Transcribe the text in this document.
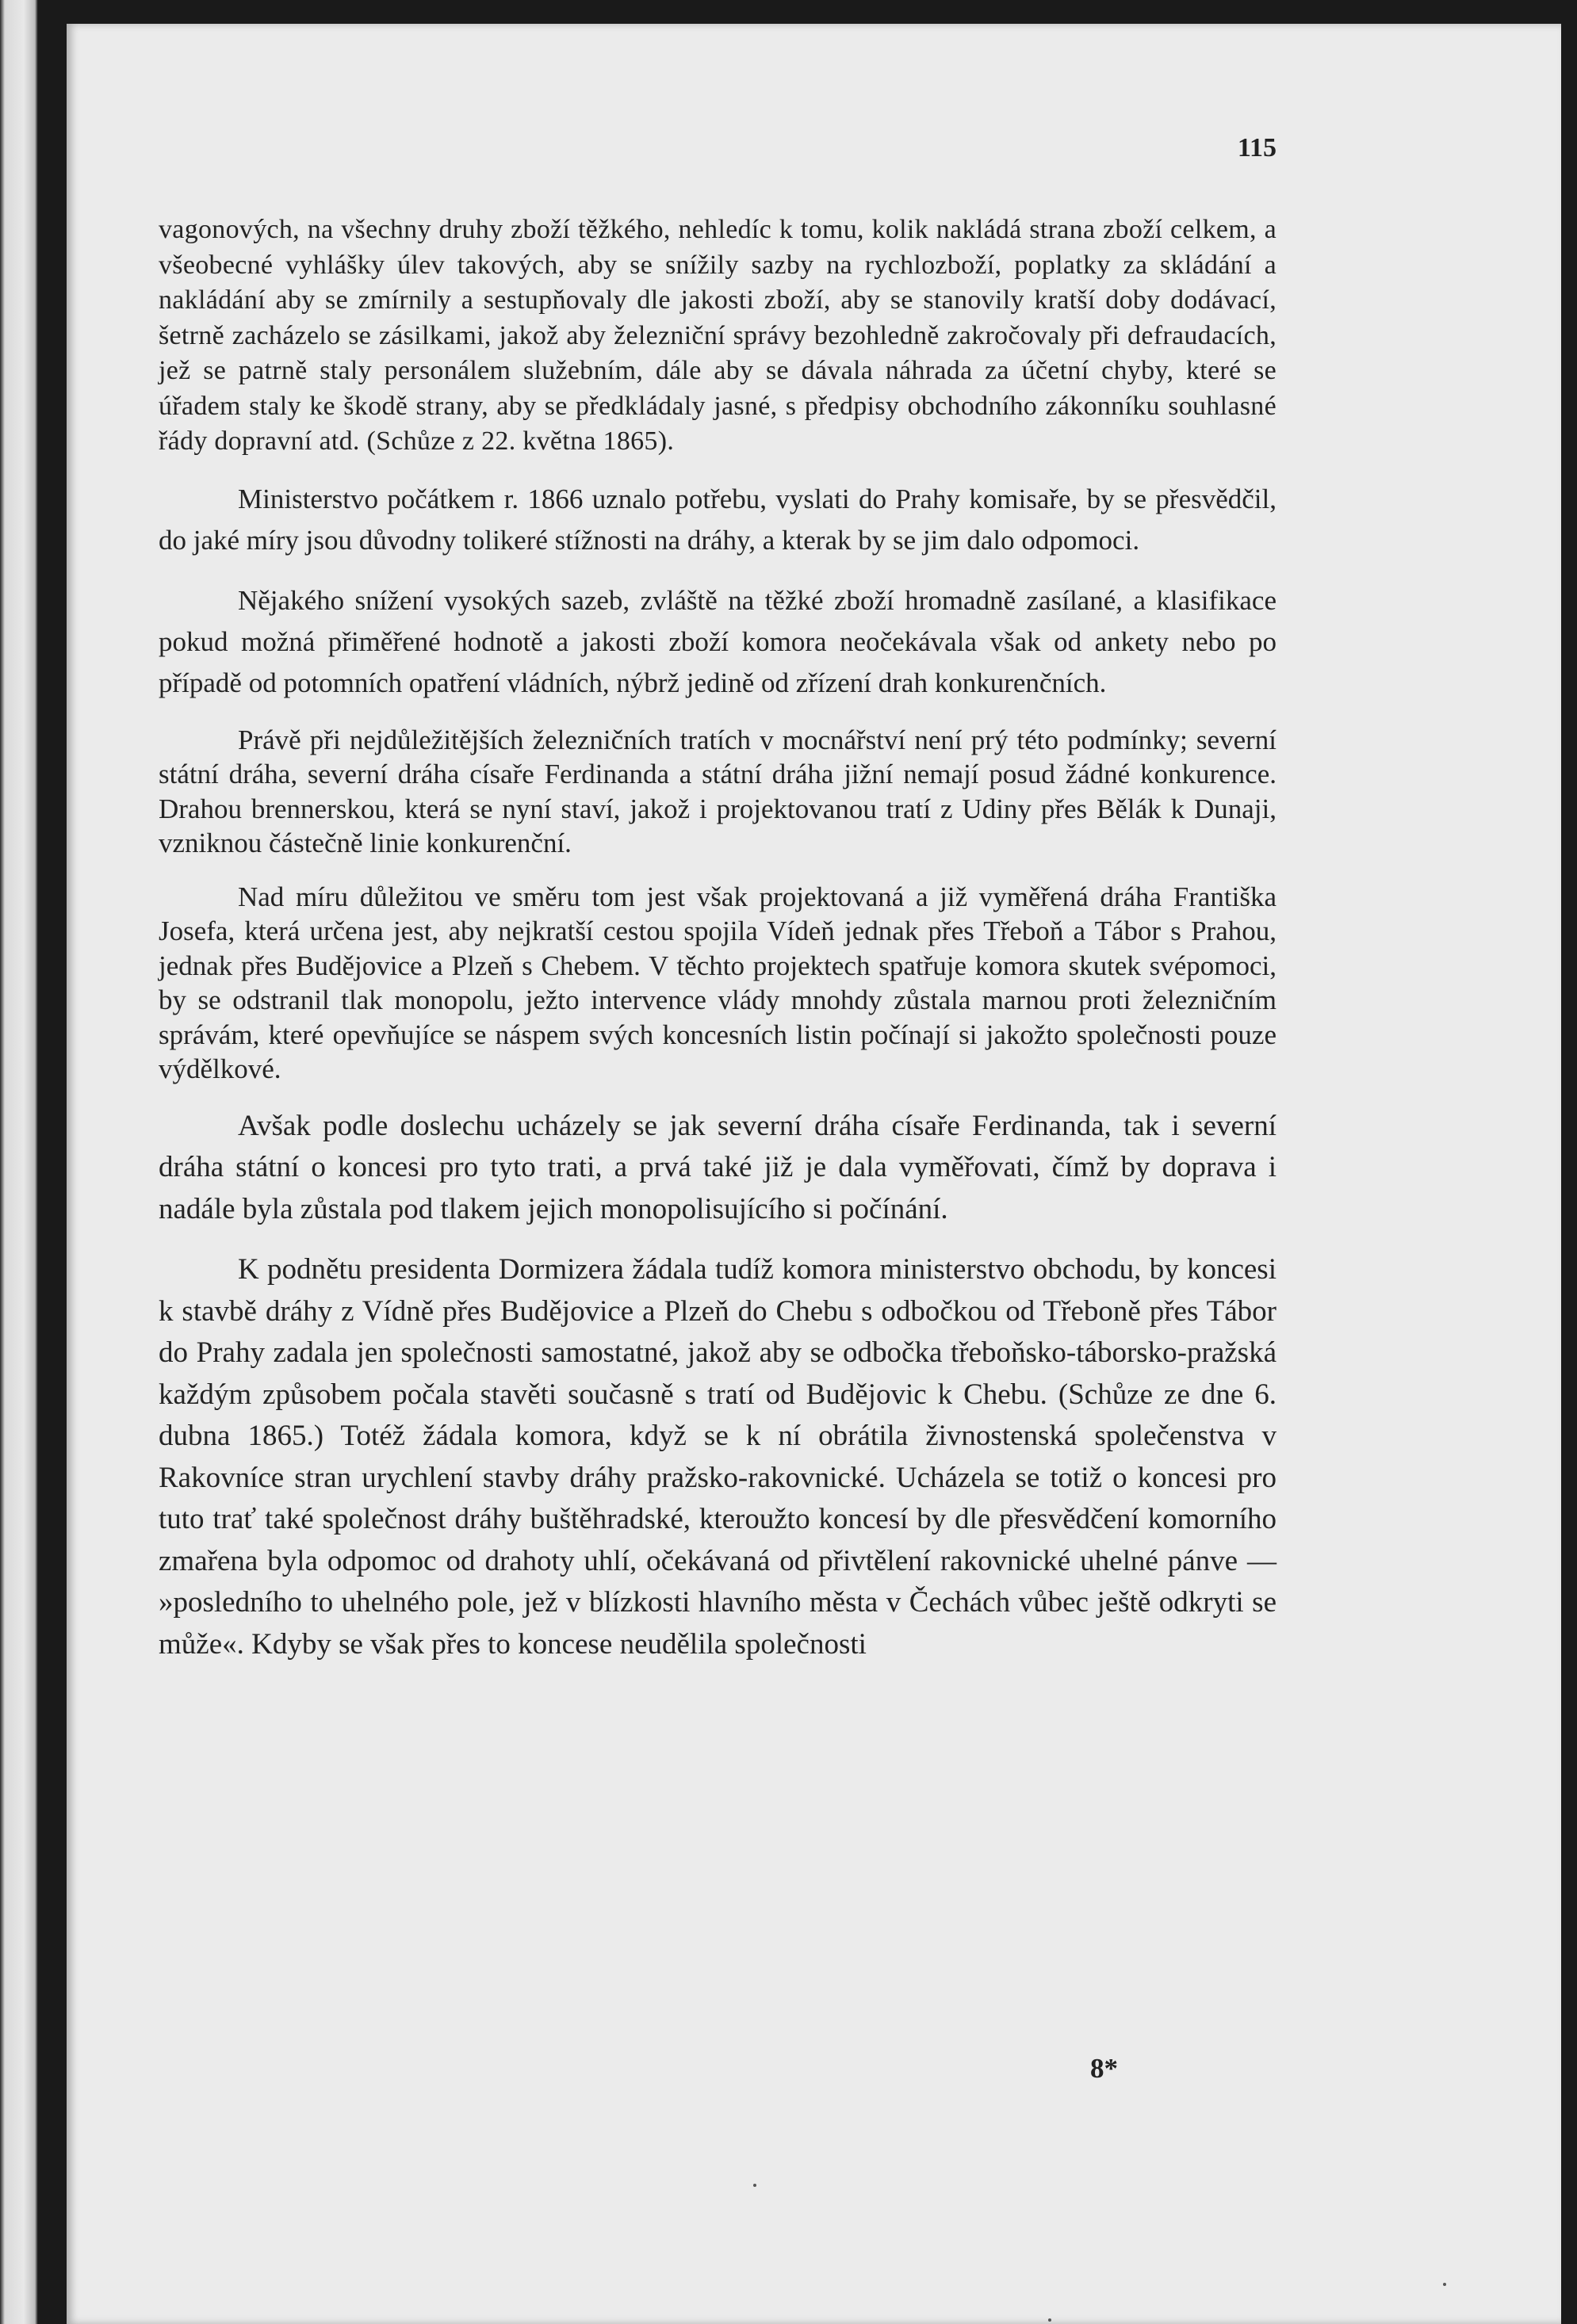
115

vagonových, na všechny druhy zboží těžkého, nehledíc k tomu, kolik nakládá strana zboží celkem, a všeobecné vyhlášky úlev takových, aby se snížily sazby na rychlozboží, poplatky za skládání a nakládání aby se zmírnily a sestupňovaly dle jakosti zboží, aby se stanovily kratší doby dodávací, šetrně zacházelo se zásilkami, jakož aby železniční správy bezohledně zakročovaly při defraudacích, jež se patrně staly personálem služebním, dále aby se dávala náhrada za účetní chyby, které se úřadem staly ke škodě strany, aby se předkládaly jasné, s předpisy obchodního zákonníku souhlasné řády dopravní atd. (Schůze z 22. května 1865).

Ministerstvo počátkem r. 1866 uznalo potřebu, vyslati do Prahy komisaře, by se přesvědčil, do jaké míry jsou důvodny tolikeré stížnosti na dráhy, a kterak by se jim dalo odpomoci.

Nějakého snížení vysokých sazeb, zvláště na těžké zboží hromadně zasílané, a klasifikace pokud možná přiměřené hodnotě a jakosti zboží komora neočekávala však od ankety nebo po případě od potomních opatření vládních, nýbrž jedině od zřízení drah konkurenčních.

Právě při nejdůležitějších železničních tratích v mocnářství není prý této podmínky; severní státní dráha, severní dráha císaře Ferdinanda a státní dráha jižní nemají posud žádné konkurence. Drahou brennerskou, která se nyní staví, jakož i projektovanou tratí z Udiny přes Bělák k Dunaji, vzniknou částečně linie konkurenční.

Nad míru důležitou ve směru tom jest však projektovaná a již vyměřená dráha Františka Josefa, která určena jest, aby nejkratší cestou spojila Vídeň jednak přes Třeboň a Tábor s Prahou, jednak přes Budějovice a Plzeň s Chebem. V těchto projektech spatřuje komora skutek svépomoci, by se odstranil tlak monopolu, ježto intervence vlády mnohdy zůstala marnou proti železničním správám, které opevňujíce se náspem svých koncesních listin počínají si jakožto společnosti pouze výdělkové.

Avšak podle doslechu ucházely se jak severní dráha císaře Ferdinanda, tak i severní dráha státní o koncesi pro tyto trati, a prvá také již je dala vyměřovati, čímž by doprava i nadále byla zůstala pod tlakem jejich monopolisujícího si počínání.

K podnětu presidenta Dormizera žádala tudíž komora ministerstvo obchodu, by koncesi k stavbě dráhy z Vídně přes Budějovice a Plzeň do Chebu s odbočkou od Třeboně přes Tábor do Prahy zadala jen společnosti samostatné, jakož aby se odbočka třeboňsko-táborsko-pražská každým způsobem počala stavěti současně s tratí od Budějovic k Chebu. (Schůze ze dne 6. dubna 1865.) Totéž žádala komora, když se k ní obrátila živnostenská společenstva v Rakovníce stran urychlení stavby dráhy pražsko-rakovnické. Ucházela se totiž o koncesi pro tuto trať také společnost dráhy buštěhradské, kteroužto koncesí by dle přesvědčení komorního zmařena byla odpomoc od drahoty uhlí, očekávaná od přivtělení rakovnické uhelné pánve — »posledního to uhelného pole, jež v blízkosti hlavního města v Čechách vůbec ještě odkryti se může«. Kdyby se však přes to koncese neudělila společnosti

8*
